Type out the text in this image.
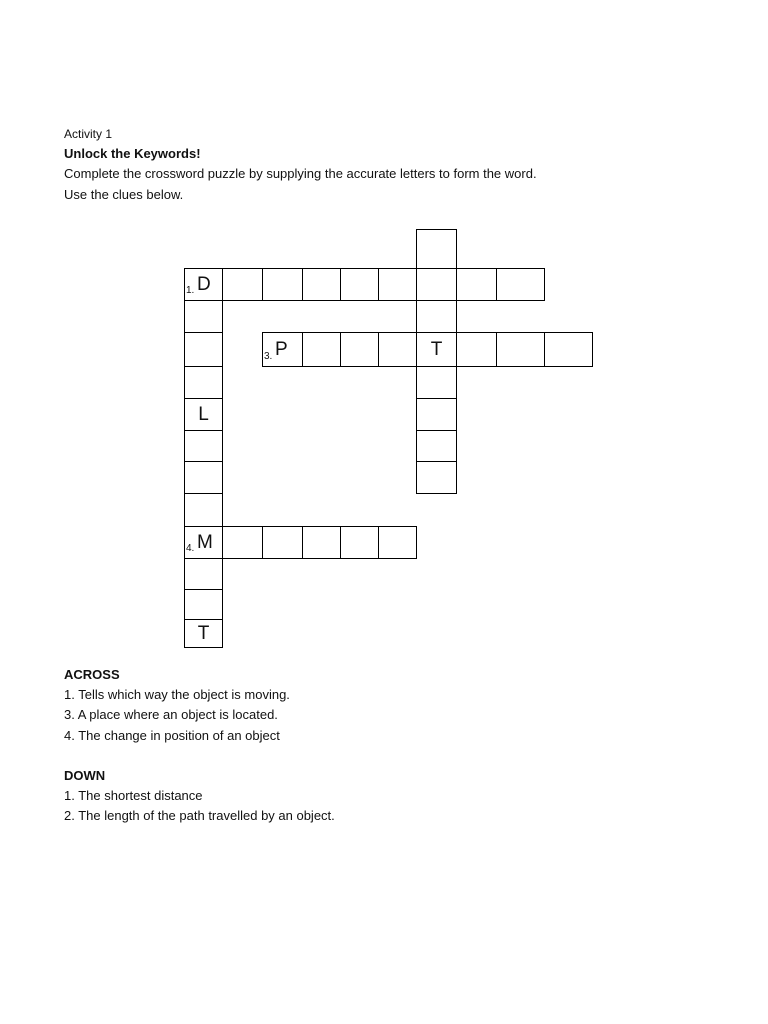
Activity 1
Unlock the Keywords!
Complete the crossword puzzle by supplying the accurate letters to form the word.
Use the clues below.
1. D
3. P	T
L
4. M
T
ACROSS
1. Tells which way the object is moving.
3. A place where an object is located.
4. The change in position of an object
DOWN
1. The shortest distance
2. The length of the path travelled by an object.
